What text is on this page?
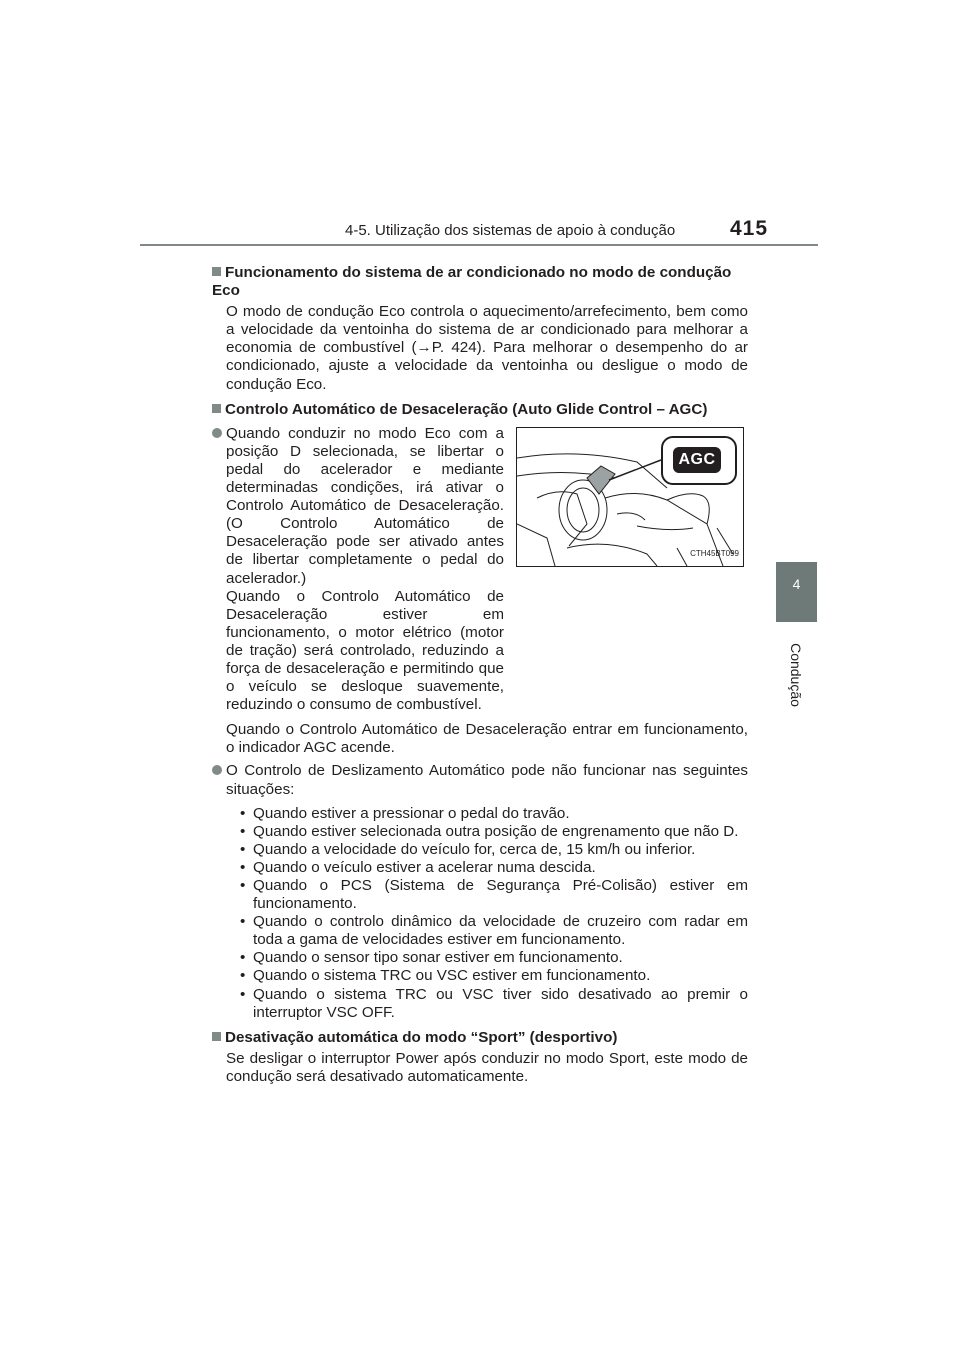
4-5. Utilização dos sistemas de apoio à condução	415
4
Condução

Funcionamento do sistema de ar condicionado no modo de condução Eco

O modo de condução Eco controla o aquecimento/arrefecimento, bem como a velocidade da ventoinha do sistema de ar condicionado para melhorar a economia de combustível (→P. 424). Para melhorar o desempenho do ar condicionado, ajuste a velocidade da ventoinha ou desligue o modo de condução Eco.

Controlo Automático de Desaceleração (Auto Glide Control – AGC)

AGC
CTH45BT099
Quando conduzir no modo Eco com a posição D selecionada, se libertar o pedal do acelerador e mediante determinadas condições, irá ativar o Controlo Automático de Desaceleração. (O Controlo Automático de Desaceleração pode ser ativado antes de libertar completamente o pedal do acelerador.)
Quando o Controlo Automático de Desaceleração estiver em funcionamento, o motor elétrico (motor de tração) será controlado, reduzindo a força de desaceleração e permitindo que o veículo se desloque suavemente, reduzindo o consumo de combustível.
Quando o Controlo Automático de Desaceleração entrar em funcionamento, o indicador AGC acende.
O Controlo de Deslizamento Automático pode não funcionar nas seguintes situações:
• Quando estiver a pressionar o pedal do travão.
• Quando estiver selecionada outra posição de engrenamento que não D.
• Quando a velocidade do veículo for, cerca de, 15 km/h ou inferior.
• Quando o veículo estiver a acelerar numa descida.
• Quando o PCS (Sistema de Segurança Pré-Colisão) estiver em funcionamento.
• Quando o controlo dinâmico da velocidade de cruzeiro com radar em toda a gama de velocidades estiver em funcionamento.
• Quando o sensor tipo sonar estiver em funcionamento.
• Quando o sistema TRC ou VSC estiver em funcionamento.
• Quando o sistema TRC ou VSC tiver sido desativado ao premir o interruptor VSC OFF.

Desativação automática do modo “Sport” (desportivo)

Se desligar o interruptor Power após conduzir no modo Sport, este modo de condução será desativado automaticamente.
